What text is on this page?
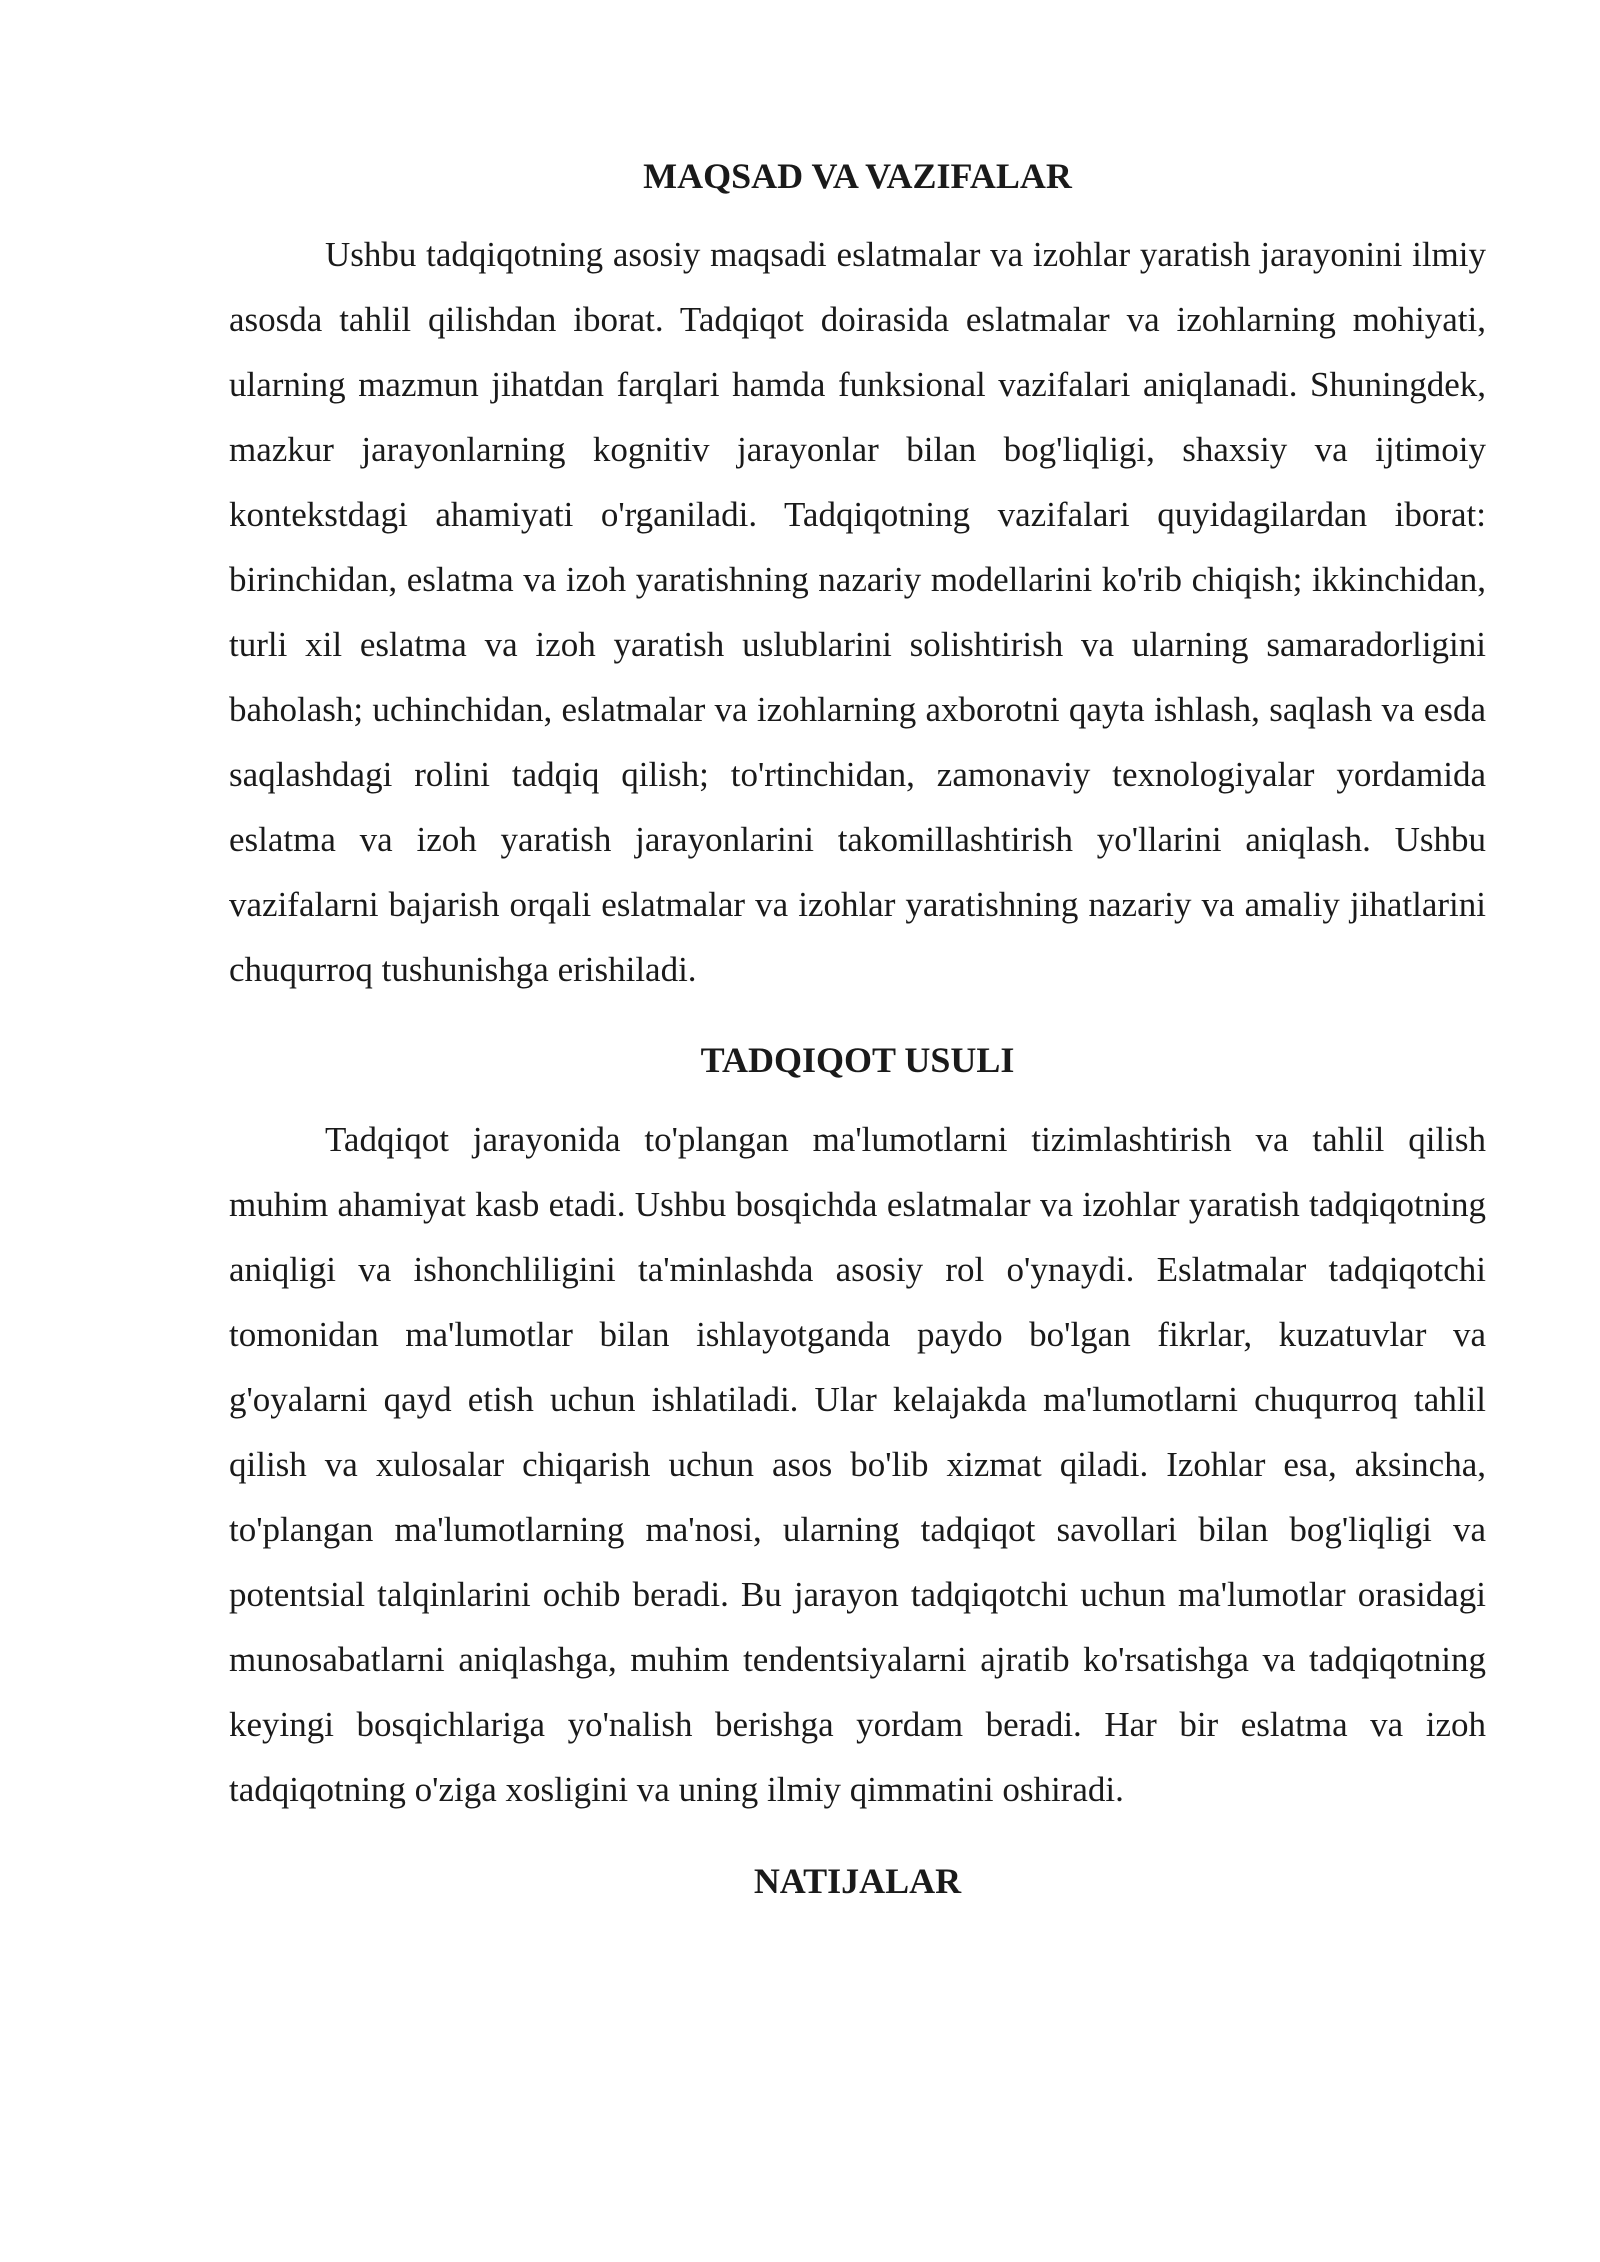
MAQSAD VA VAZIFALAR

Ushbu tadqiqotning asosiy maqsadi eslatmalar va izohlar yaratish jarayonini ilmiy asosda tahlil qilishdan iborat. Tadqiqot doirasida eslatmalar va izohlarning mohiyati, ularning mazmun jihatdan farqlari hamda funksional vazifalari aniqlanadi. Shuningdek, mazkur jarayonlarning kognitiv jarayonlar bilan bog'liqligi, shaxsiy va ijtimoiy kontekstdagi ahamiyati o'rganiladi. Tadqiqotning vazifalari quyidagilardan iborat: birinchidan, eslatma va izoh yaratishning nazariy modellarini ko'rib chiqish; ikkinchidan, turli xil eslatma va izoh yaratish uslublarini solishtirish va ularning samaradorligini baholash; uchinchidan, eslatmalar va izohlarning axborotni qayta ishlash, saqlash va esda saqlashdagi rolini tadqiq qilish; to'rtinchidan, zamonaviy texnologiyalar yordamida eslatma va izoh yaratish jarayonlarini takomillashtirish yo'llarini aniqlash. Ushbu vazifalarni bajarish orqali eslatmalar va izohlar yaratishning nazariy va amaliy jihatlarini chuqurroq tushunishga erishiladi.

TADQIQOT USULI

Tadqiqot jarayonida to'plangan ma'lumotlarni tizimlashtirish va tahlil qilish muhim ahamiyat kasb etadi. Ushbu bosqichda eslatmalar va izohlar yaratish tadqiqotning aniqligi va ishonchliligini ta'minlashda asosiy rol o'ynaydi. Eslatmalar tadqiqotchi tomonidan ma'lumotlar bilan ishlayotganda paydo bo'lgan fikrlar, kuzatuvlar va g'oyalarni qayd etish uchun ishlatiladi. Ular kelajakda ma'lumotlarni chuqurroq tahlil qilish va xulosalar chiqarish uchun asos bo'lib xizmat qiladi. Izohlar esa, aksincha, to'plangan ma'lumotlarning ma'nosi, ularning tadqiqot savollari bilan bog'liqligi va potentsial talqinlarini ochib beradi. Bu jarayon tadqiqotchi uchun ma'lumotlar orasidagi munosabatlarni aniqlashga, muhim tendentsiyalarni ajratib ko'rsatishga va tadqiqotning keyingi bosqichlariga yo'nalish berishga yordam beradi. Har bir eslatma va izoh tadqiqotning o'ziga xosligini va uning ilmiy qimmatini oshiradi.

NATIJALAR
